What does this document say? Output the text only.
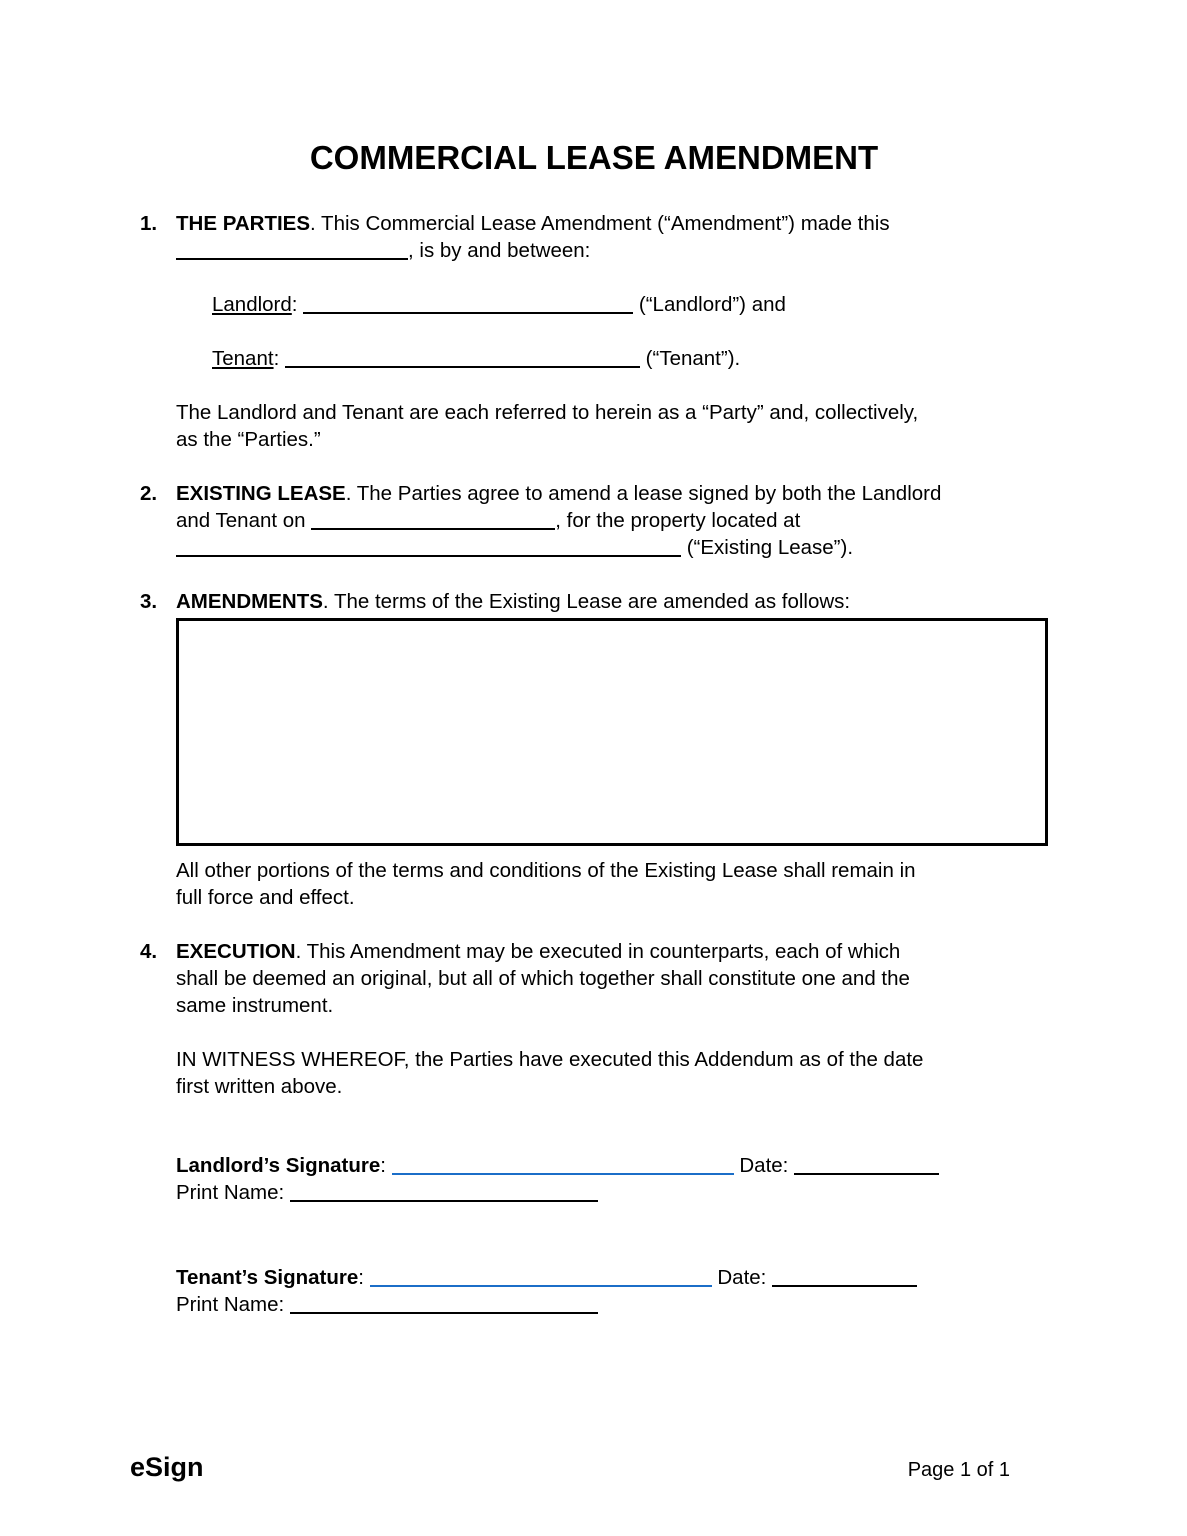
COMMERCIAL LEASE AMENDMENT
1. THE PARTIES. This Commercial Lease Amendment (“Amendment”) made this
, is by and between:
Landlord:	(“Landlord”) and
Tenant:	(“Tenant”).
The Landlord and Tenant are each referred to herein as a “Party” and, collectively,
as the “Parties.”
2. EXISTING LEASE. The Parties agree to amend a lease signed by both the Landlord
and Tenant on	, for the property located at
(“Existing Lease”).
3. AMENDMENTS. The terms of the Existing Lease are amended as follows:
All other portions of the terms and conditions of the Existing Lease shall remain in
full force and effect.
4. EXECUTION. This Amendment may be executed in counterparts, each of which
shall be deemed an original, but all of which together shall constitute one and the
same instrument.
IN WITNESS WHEREOF, the Parties have executed this Addendum as of the date
first written above.
Landlord’s Signature:	Date:
Print Name:
Tenant’s Signature:	Date:
Print Name:
eSign	Page 1 of 1
